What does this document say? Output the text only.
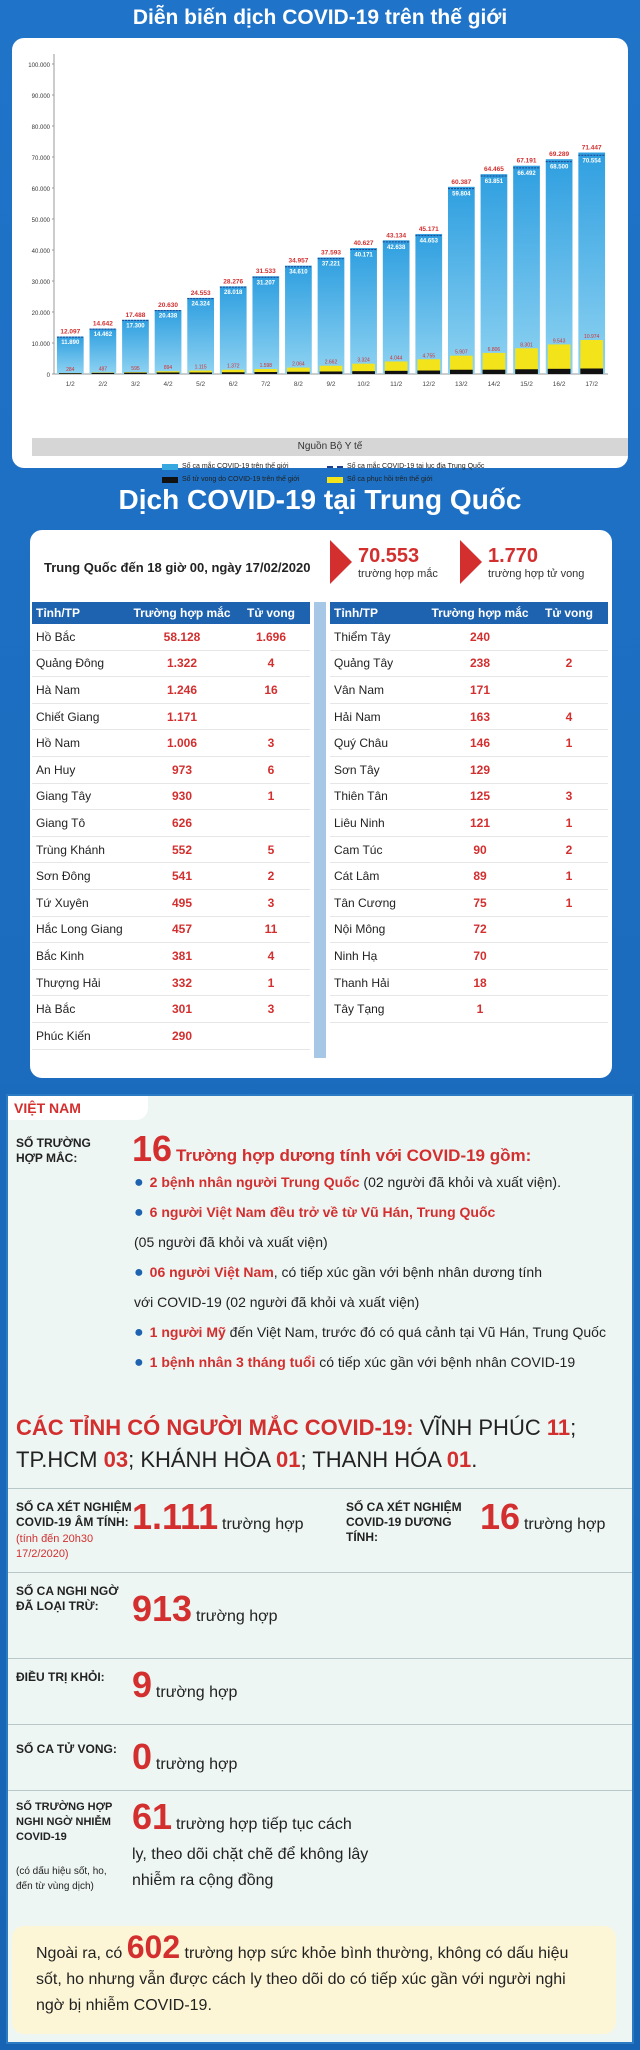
Diễn biến dịch COVID-19 trên thế giới
0
10.000
20.000
30.000
40.000
50.000
60.000
70.000
80.000
90.000
100.000
12.097
11.890
284
1/2
14.642
14.462
487
2/2
17.488
17.300
595
3/2
20.630
20.438
894
4/2
24.553
24.324
1.115
5/2
28.276
28.018
1.372
6/2
31.533
31.207
1.598
7/2
34.957
34.610
2.064
8/2
37.593
37.221
2.662
9/2
40.627
40.171
3.324
10/2
43.134
42.638
4.044
11/2
45.171
44.653
4.755
12/2
60.387
59.804
5.907
13/2
64.465
63.851
6.806
14/2
67.191
66.492
8.301
15/2
69.289
68.500
9.543
16/2
71.447
70.554
10.974
17/2
Nguồn Bộ Y tế
Số ca mắc COVID-19 trên thế giới	Số ca mắc COVID-19 tại lục địa Trung Quốc
Số tử vong do COVID-19 trên thế giới	Số ca phục hồi trên thế giới
Dịch COVID-19 tại Trung Quốc
Trung Quốc đến 18 giờ 00, ngày 17/02/2020
70.553
trường hợp mắc
1.770
trường hợp tử vong
Tỉnh/TP	Trường hợp mắc	Tử vong
Hồ Bắc	58.128	1.696
Quảng Đông	1.322	4
Hà Nam	1.246	16
Chiết Giang	1.171
Hồ Nam	1.006	3
An Huy	973	6
Giang Tây	930	1
Giang Tô	626
Trùng Khánh	552	5
Sơn Đông	541	2
Tứ Xuyên	495	3
Hắc Long Giang	457	11
Bắc Kinh	381	4
Thượng Hải	332	1
Hà Bắc	301	3
Phúc Kiến	290
Tỉnh/TP	Trường hợp mắc	Tử vong
Thiểm Tây	240
Quảng Tây	238	2
Vân Nam	171
Hải Nam	163	4
Quý Châu	146	1
Sơn Tây	129
Thiên Tân	125	3
Liêu Ninh	121	1
Cam Túc	90	2
Cát Lâm	89	1
Tân Cương	75	1
Nội Mông	72
Ninh Hạ	70
Thanh Hải	18
Tây Tạng	1
VIỆT NAM
SỐ TRƯỜNG HỢP MẮC:	16 Trường hợp dương tính với COVID-19 gồm:
● 2 bệnh nhân người Trung Quốc (02 người đã khỏi và xuất viện).
● 6 người Việt Nam đều trở về từ Vũ Hán, Trung Quốc
(05 người đã khỏi và xuất viện)
● 06 người Việt Nam, có tiếp xúc gần với bệnh nhân dương tính
với COVID-19 (02 người đã khỏi và xuất viện)
● 1 người Mỹ đến Việt Nam, trước đó có quá cảnh tại Vũ Hán, Trung Quốc
● 1 bệnh nhân 3 tháng tuổi có tiếp xúc gần với bệnh nhân COVID-19
CÁC TỈNH CÓ NGƯỜI MẮC COVID-19: VĨNH PHÚC 11; TP.HCM 03; KHÁNH HÒA 01; THANH HÓA 01.
SỐ CA XÉT NGHIỆM COVID-19 ÂM TÍNH:
(tính đến 20h30 17/2/2020)
1.111 trường hợp
SỐ CA XÉT NGHIỆM COVID-19 DƯƠNG TÍNH:	16 trường hợp
SỐ CA NGHI NGỜ ĐÃ LOẠI TRỪ: 913 trường hợp
ĐIỀU TRỊ KHỎI: 9 trường hợp
SỐ CA TỬ VONG: 0 trường hợp
SỐ TRƯỜNG HỢP NGHI NGỜ NHIỄM COVID-19
(có dấu hiệu sốt, ho, đến từ vùng dịch)
61 trường hợp tiếp tục cách
ly, theo dõi chặt chẽ để không lây
nhiễm ra cộng đồng
Ngoài ra, có 602 trường hợp sức khỏe bình thường, không có dấu hiệu sốt, ho nhưng vẫn được cách ly theo dõi do có tiếp xúc gần với người nghi ngờ bị nhiễm COVID-19.
